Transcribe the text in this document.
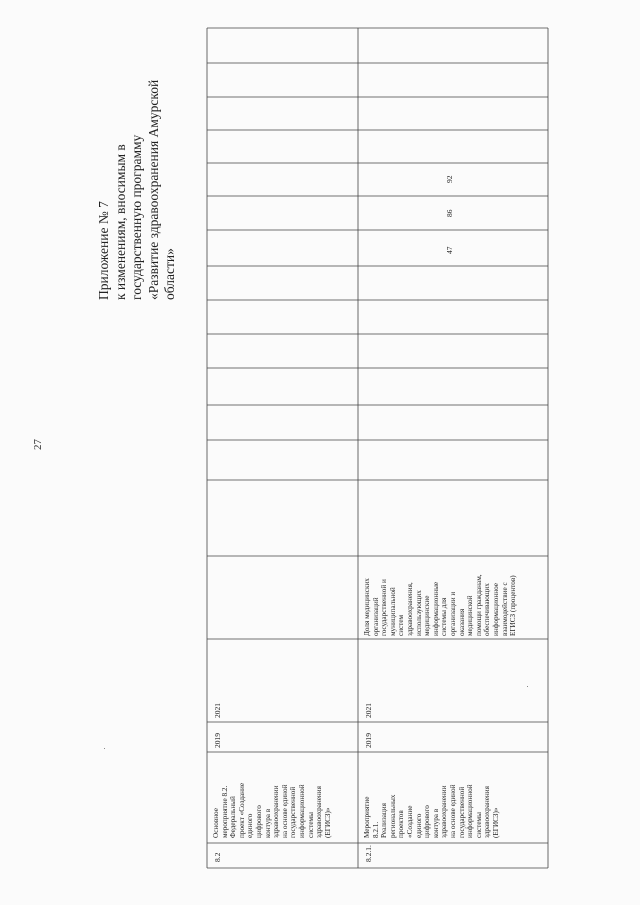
27
Приложение № 7 к изменениям, вносимым в государственную программу «Развитие здравоохранения Амурской области»
8.2
Основное мероприятие 8.2. Федеральный проект «Создание единого цифрового контура в здравоохранении на основе единой государственной информационной системы здравоохранения (ЕГИСЗ)»
2019
2021
8.2.1.
Мероприятие 8.2.1. Реализация региональных проектов «Создание единого цифрового контура в здравоохранении на основе единой государственной информационной системы здравоохранения (ЕГИСЗ)»
2019
2021
Доля медицинских организаций государственной и муниципальной систем здравоохранения, использующих медицинские информационные системы для организации и оказания медицинской помощи гражданам, обеспечивающих информационное взаимодействие с ЕГИСЗ (процентов)
47
86
92
